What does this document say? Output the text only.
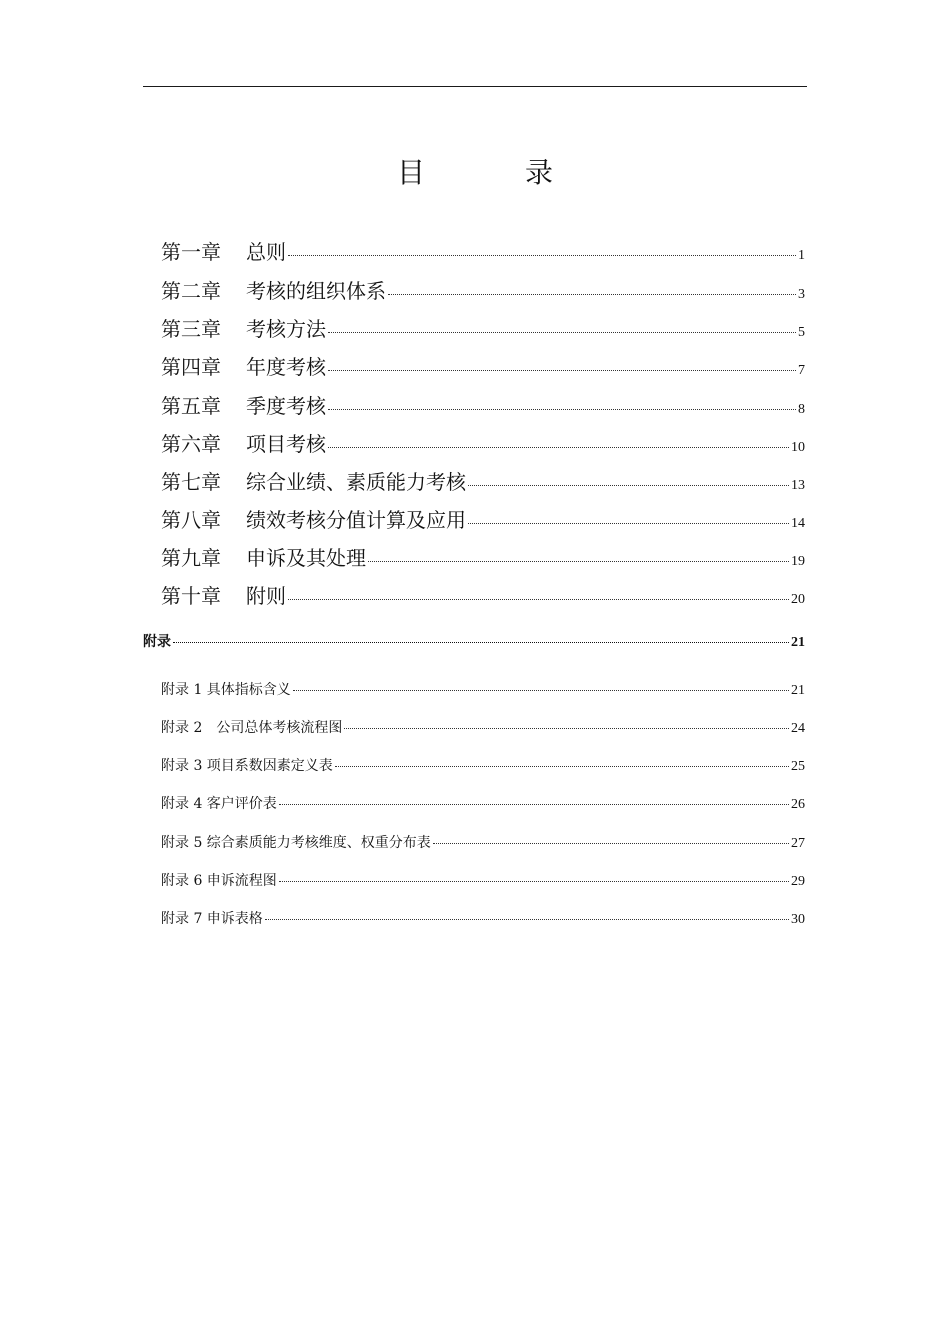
目　录
第一章 总则	1
第二章 考核的组织体系	3
第三章 考核方法	5
第四章 年度考核	7
第五章 季度考核	8
第六章 项目考核	10
第七章 综合业绩、素质能力考核	13
第八章 绩效考核分值计算及应用	14
第九章 申诉及其处理	19
第十章 附则	20
附录	21
附录 1 具体指标含义	21
附录 2　公司总体考核流程图	24
附录 3 项目系数因素定义表	25
附录 4 客户评价表	26
附录 5 综合素质能力考核维度、权重分布表	27
附录 6 申诉流程图	29
附录 7 申诉表格	30
